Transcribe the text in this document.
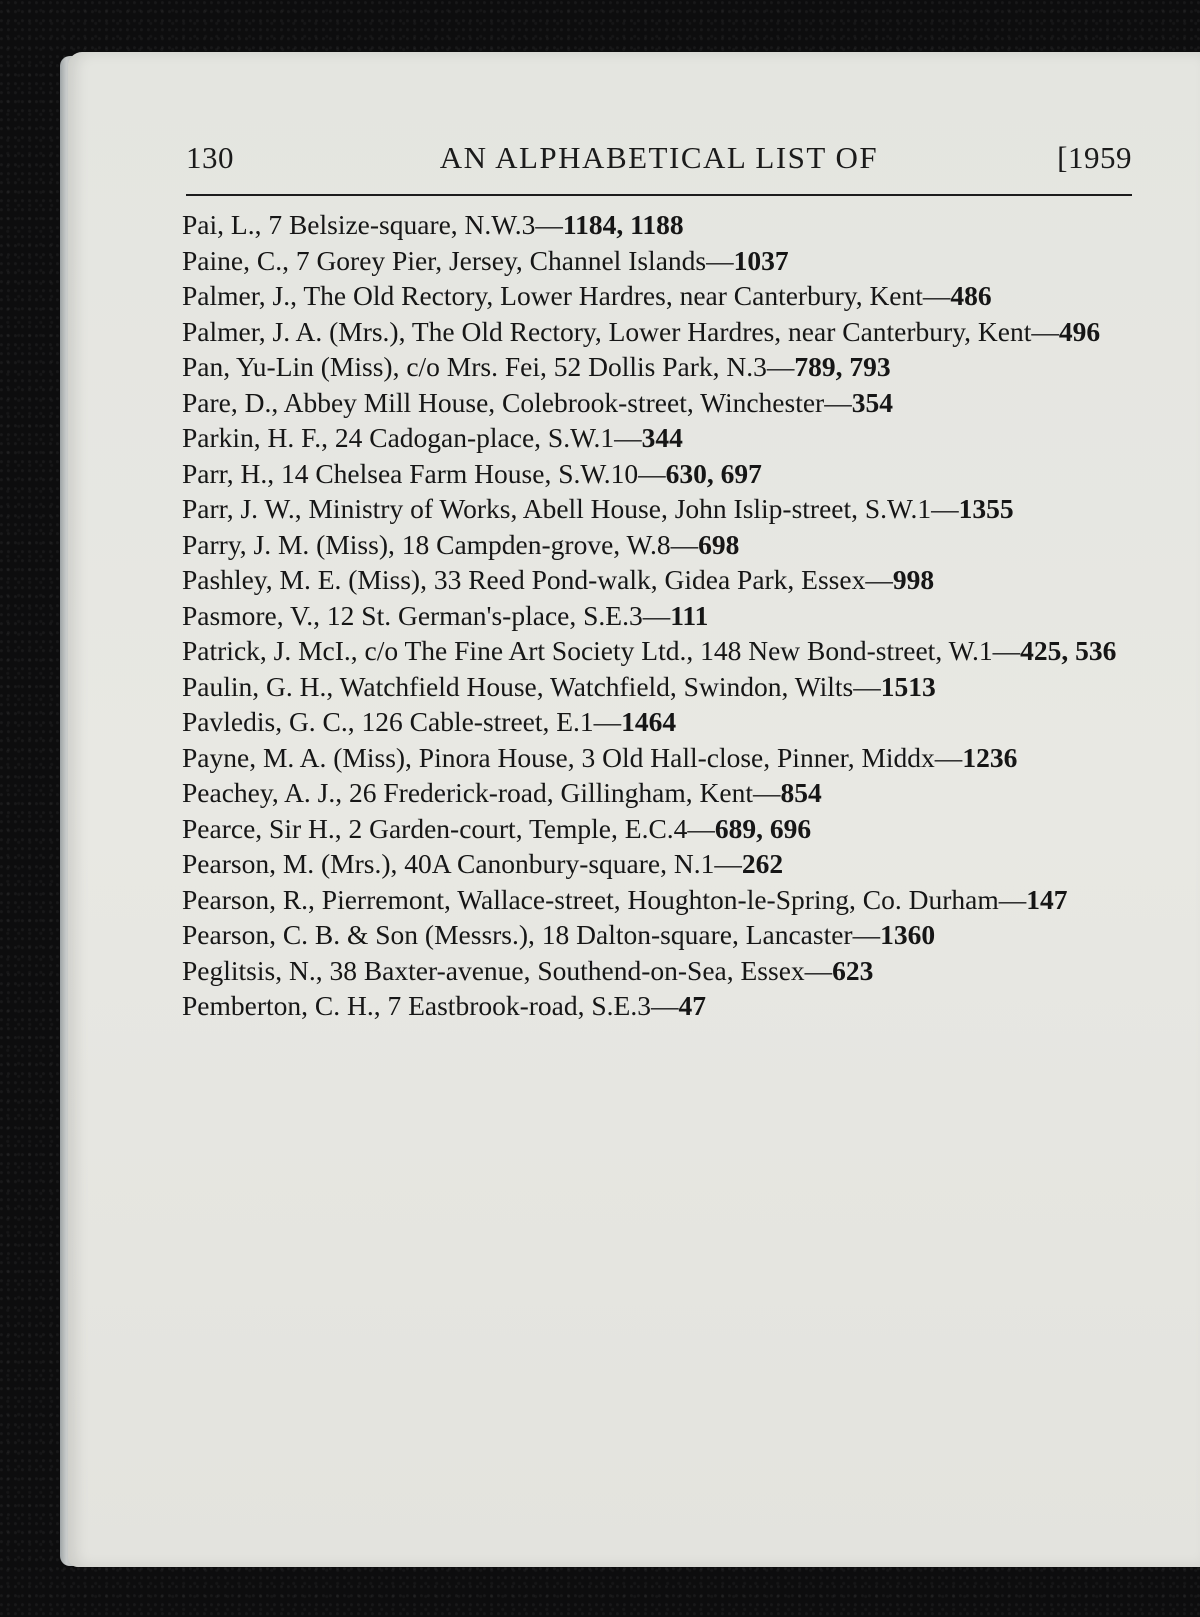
130	AN ALPHABETICAL LIST OF	[1959
Pai, L., 7 Belsize-square, N.W.3—1184, 1188
Paine, C., 7 Gorey Pier, Jersey, Channel Islands—1037
Palmer, J., The Old Rectory, Lower Hardres, near Canterbury, Kent—486
Palmer, J. A. (Mrs.), The Old Rectory, Lower Hardres, near Canterbury, Kent—496
Pan, Yu-Lin (Miss), c/o Mrs. Fei, 52 Dollis Park, N.3—789, 793
Pare, D., Abbey Mill House, Colebrook-street, Winchester—354
Parkin, H. F., 24 Cadogan-place, S.W.1—344
Parr, H., 14 Chelsea Farm House, S.W.10—630, 697
Parr, J. W., Ministry of Works, Abell House, John Islip-street, S.W.1—1355
Parry, J. M. (Miss), 18 Campden-grove, W.8—698
Pashley, M. E. (Miss), 33 Reed Pond-walk, Gidea Park, Essex—998
Pasmore, V., 12 St. German's-place, S.E.3—111
Patrick, J. McI., c/o The Fine Art Society Ltd., 148 New Bond-street, W.1—425, 536
Paulin, G. H., Watchfield House, Watchfield, Swindon, Wilts—1513
Pavledis, G. C., 126 Cable-street, E.1—1464
Payne, M. A. (Miss), Pinora House, 3 Old Hall-close, Pinner, Middx—1236
Peachey, A. J., 26 Frederick-road, Gillingham, Kent—854
Pearce, Sir H., 2 Garden-court, Temple, E.C.4—689, 696
Pearson, M. (Mrs.), 40A Canonbury-square, N.1—262
Pearson, R., Pierremont, Wallace-street, Houghton-le-Spring, Co. Durham—147
Pearson, C. B. & Son (Messrs.), 18 Dalton-square, Lancaster—1360
Peglitsis, N., 38 Baxter-avenue, Southend-on-Sea, Essex—623
Pemberton, C. H., 7 Eastbrook-road, S.E.3—47
